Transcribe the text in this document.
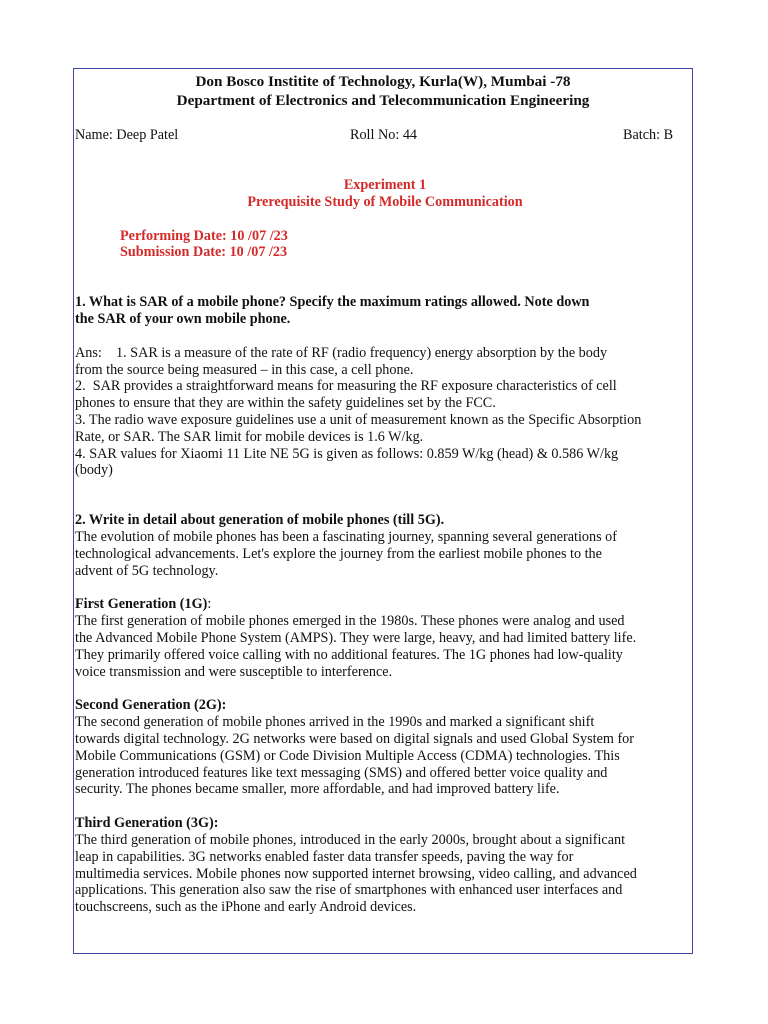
Don Bosco Institite of Technology, Kurla(W), Mumbai -78
Department of Electronics and Telecommunication Engineering
Name: Deep Patel	Roll No: 44	Batch: B
Experiment 1
Prerequisite Study of Mobile Communication
Performing Date: 10 /07 /23
Submission Date: 10 /07 /23
1. What is SAR of a mobile phone? Specify the maximum ratings allowed. Note down
the SAR of your own mobile phone.
Ans:    1. SAR is a measure of the rate of RF (radio frequency) energy absorption by the body
from the source being measured – in this case, a cell phone.
2.  SAR provides a straightforward means for measuring the RF exposure characteristics of cell
phones to ensure that they are within the safety guidelines set by the FCC.
3. The radio wave exposure guidelines use a unit of measurement known as the Specific Absorption
Rate, or SAR. The SAR limit for mobile devices is 1.6 W/kg.
4. SAR values for Xiaomi 11 Lite NE 5G is given as follows: 0.859 W/kg (head) & 0.586 W/kg
(body)
2. Write in detail about generation of mobile phones (till 5G).
The evolution of mobile phones has been a fascinating journey, spanning several generations of
technological advancements. Let's explore the journey from the earliest mobile phones to the
advent of 5G technology.
First Generation (1G):
The first generation of mobile phones emerged in the 1980s. These phones were analog and used
the Advanced Mobile Phone System (AMPS). They were large, heavy, and had limited battery life.
They primarily offered voice calling with no additional features. The 1G phones had low-quality
voice transmission and were susceptible to interference.
Second Generation (2G):
The second generation of mobile phones arrived in the 1990s and marked a significant shift
towards digital technology. 2G networks were based on digital signals and used Global System for
Mobile Communications (GSM) or Code Division Multiple Access (CDMA) technologies. This
generation introduced features like text messaging (SMS) and offered better voice quality and
security. The phones became smaller, more affordable, and had improved battery life.
Third Generation (3G):
The third generation of mobile phones, introduced in the early 2000s, brought about a significant
leap in capabilities. 3G networks enabled faster data transfer speeds, paving the way for
multimedia services. Mobile phones now supported internet browsing, video calling, and advanced
applications. This generation also saw the rise of smartphones with enhanced user interfaces and
touchscreens, such as the iPhone and early Android devices.
